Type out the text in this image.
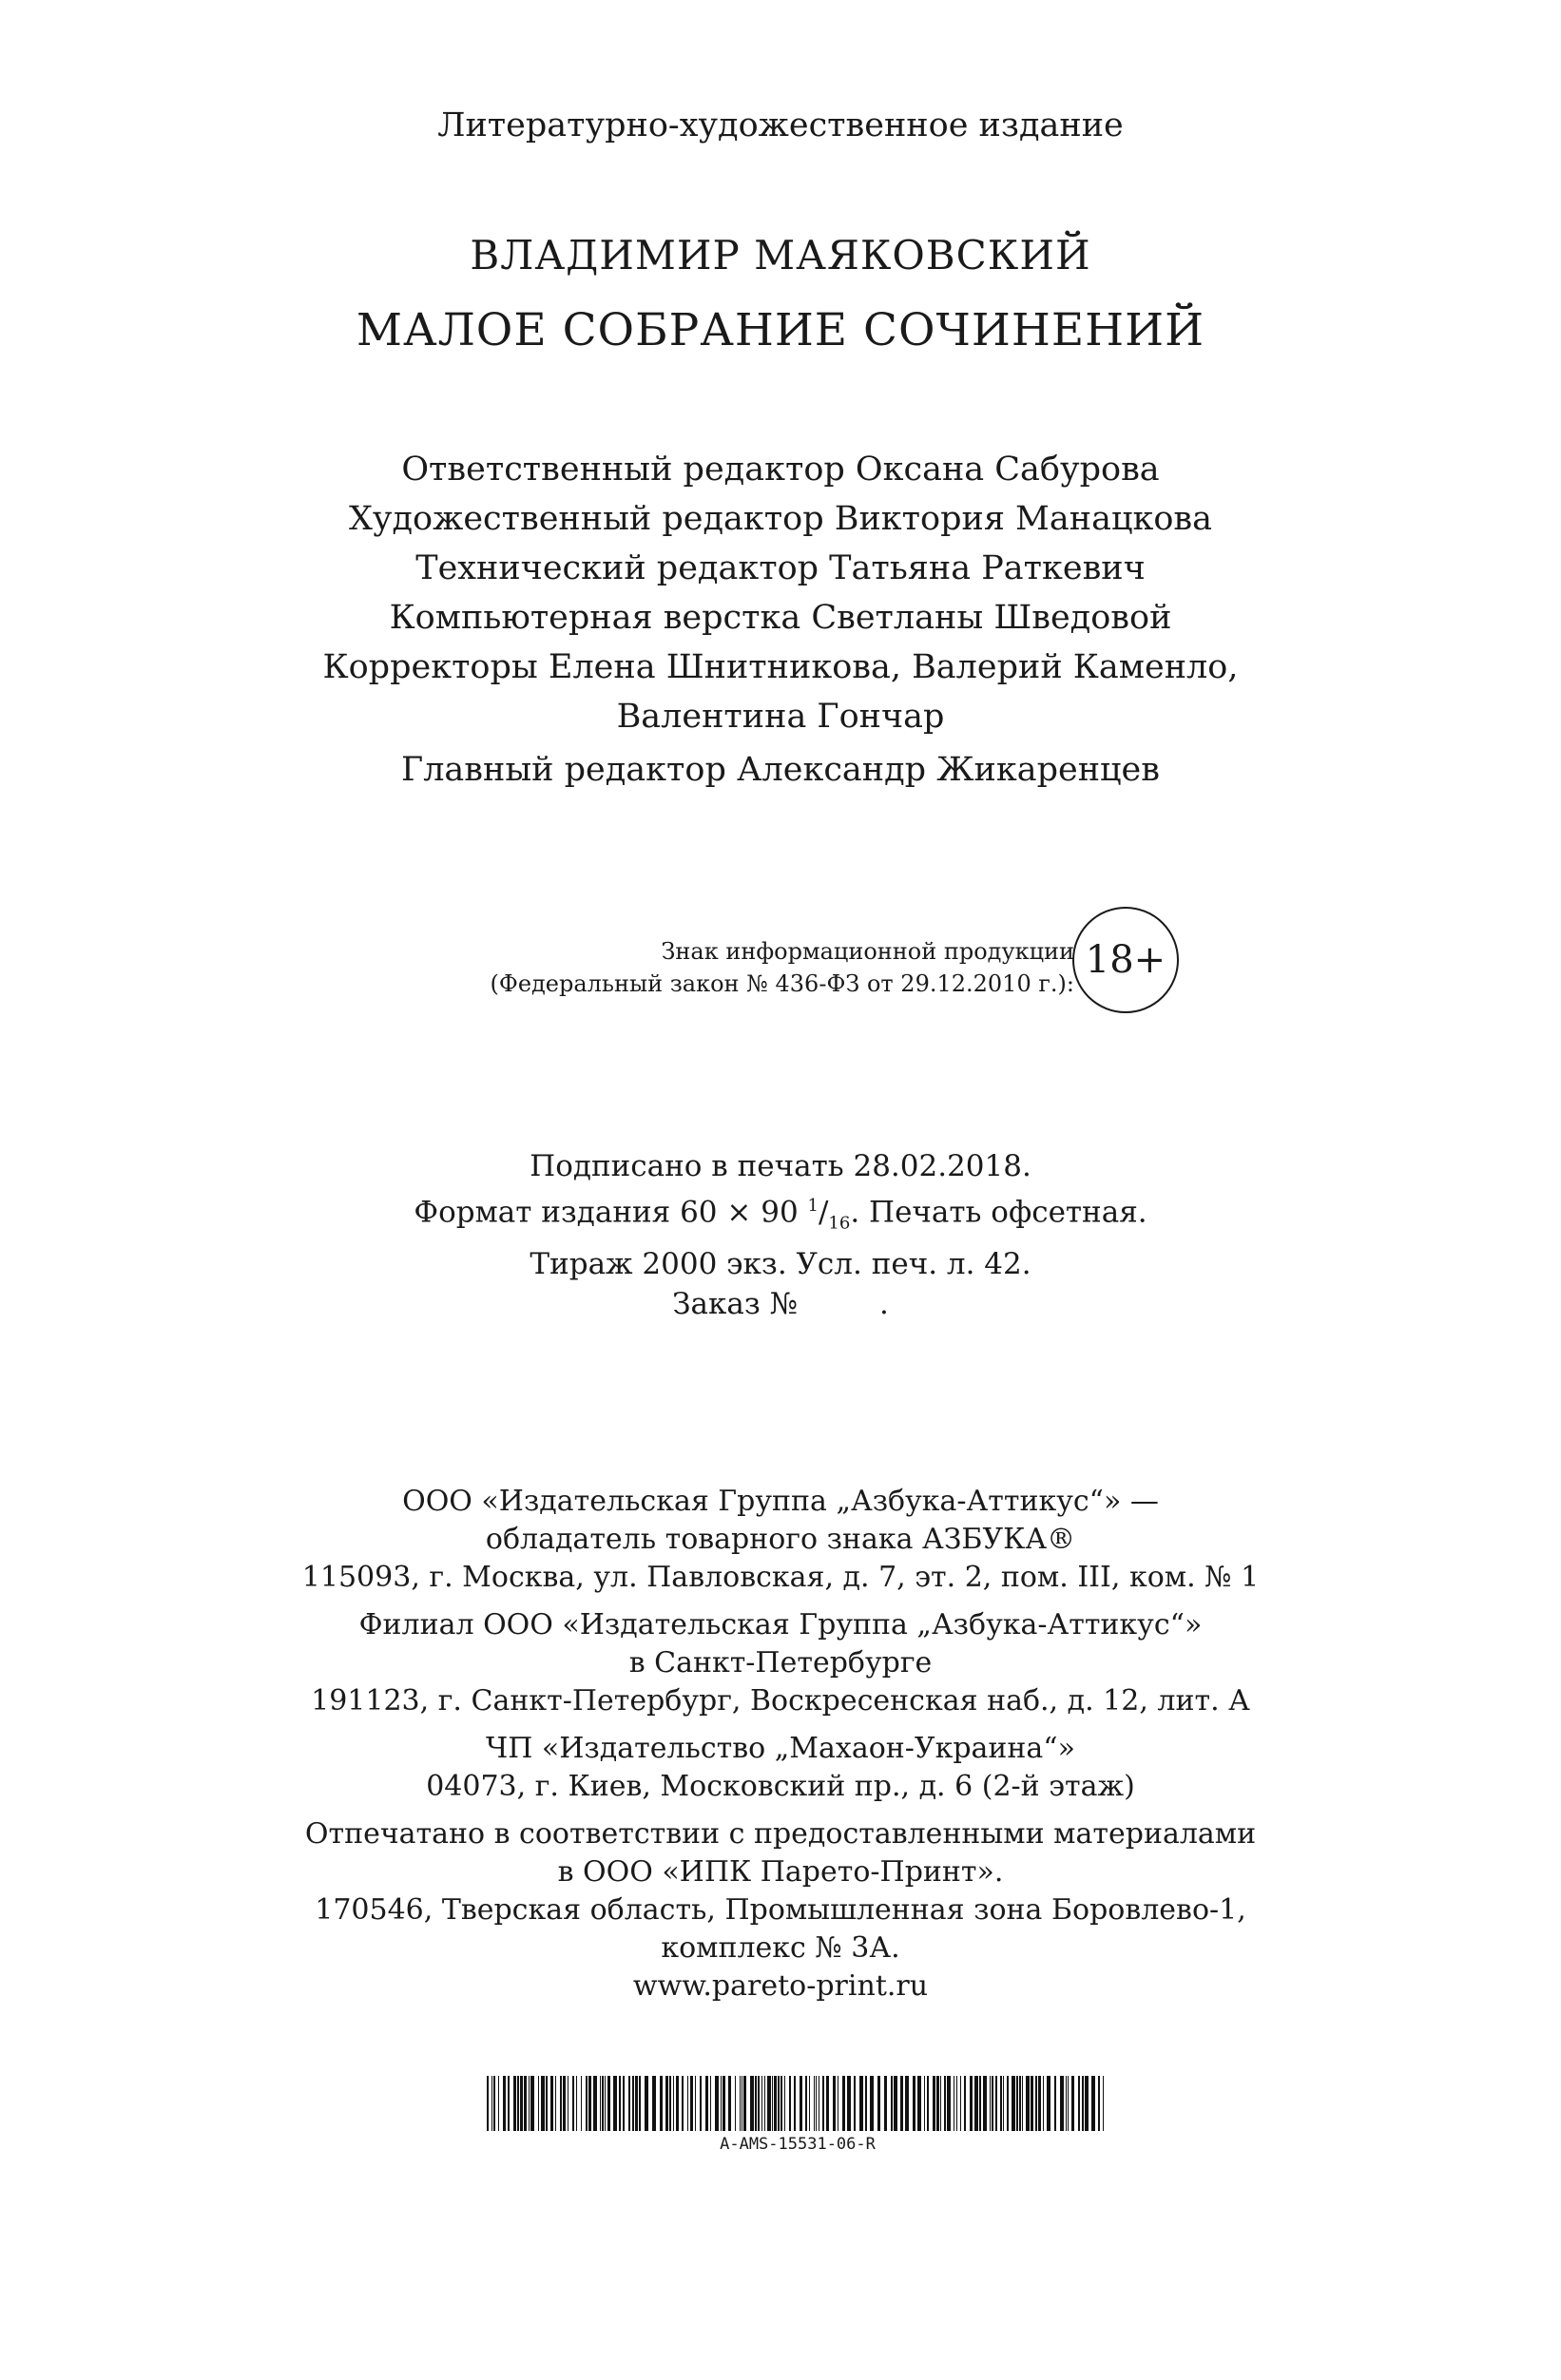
Литературно-художественное издание
ВЛАДИМИР МАЯКОВСКИЙ
МАЛОЕ СОБРАНИЕ СОЧИНЕНИЙ
Ответственный редактор Оксана Сабурова
Художественный редактор Виктория Манацкова
Технический редактор Татьяна Раткевич
Компьютерная верстка Светланы Шведовой
Корректоры Елена Шнитникова, Валерий Каменло,
Валентина Гончар
Главный редактор Александр Жикаренцев
Знак информационной продукции
(Федеральный закон № 436-ФЗ от 29.12.2010 г.):
18+
Подписано в печать 28.02.2018.
Формат издания 60 × 90 $^1/_{16}$. Печать офсетная.
Тираж 2000 экз. Усл. печ. л. 42.
Заказ №	.
ООО «Издательская Группа „Азбука-Аттикус“» —
обладатель товарного знака АЗБУКА®
115093, г. Москва, ул. Павловская, д. 7, эт. 2, пом. III, ком. № 1
Филиал ООО «Издательская Группа „Азбука-Аттикус“»
в Санкт-Петербурге
191123, г. Санкт-Петербург, Воскресенская наб., д. 12, лит. А
ЧП «Издательство „Махаон-Украина“»
04073, г. Киев, Московский пр., д. 6 (2-й этаж)
Отпечатано в соответствии с предоставленными материалами
в ООО «ИПК Парето-Принт».
170546, Тверская область, Промышленная зона Боровлево-1,
комплекс № 3А.
www.pareto-print.ru
A-AMS-15531-06-R
